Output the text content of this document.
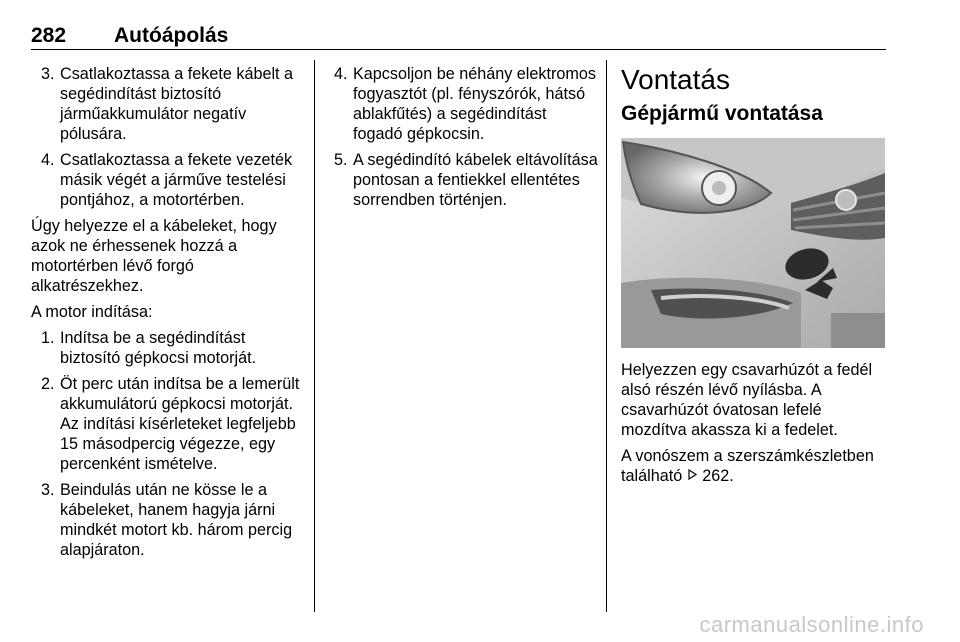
282 Autóápolás
3. Csatlakoztassa a fekete kábelt a segédindítást biztosító járműakkumulátor negatív pólusára.
4. Csatlakoztassa a fekete vezeték másik végét a járműve testelési pontjához, a motortérben.

Úgy helyezze el a kábeleket, hogy azok ne érhessenek hozzá a motortérben lévő forgó alkatrészekhez.

A motor indítása:

1. Indítsa be a segédindítást biztosító gépkocsi motorját.
2. Öt perc után indítsa be a lemerült akkumulátorú gépkocsi motorját. Az indítási kísérleteket legfeljebb 15 másodpercig végezze, egy percenként ismételve.
3. Beindulás után ne kösse le a kábeleket, hanem hagyja járni mindkét motort kb. három percig alapjáraton.
4. Kapcsoljon be néhány elektromos fogyasztót (pl. fényszórók, hátsó ablakfűtés) a segédindítást fogadó gépkocsin.
5. A segédindító kábelek eltávolítása pontosan a fentiekkel ellentétes sorrendben történjen.
Vontatás
Gépjármű vontatása

Helyezzen egy csavarhúzót a fedél alsó részén lévő nyílásba. A csavarhúzót óvatosan lefelé mozdítva akassza ki a fedelet.

A vonószem a szerszámkészletben található 262.

carmanualsonline.info
